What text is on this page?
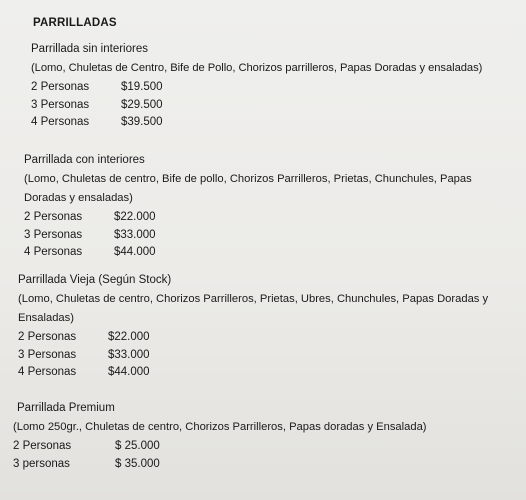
PARRILLADAS
Parrillada sin interiores
(Lomo, Chuletas de Centro, Bife de Pollo, Chorizos parrilleros, Papas Doradas y ensaladas)
2 Personas	$19.500
3 Personas	$29.500
4 Personas	$39.500
Parrillada con interiores
(Lomo, Chuletas de centro, Bife de pollo, Chorizos Parrilleros, Prietas, Chunchules, Papas Doradas y ensaladas)
2 Personas	$22.000
3 Personas	$33.000
4 Personas	$44.000
Parrillada Vieja (Según Stock)
(Lomo, Chuletas de centro, Chorizos Parrilleros, Prietas, Ubres, Chunchules, Papas Doradas y Ensaladas)
2 Personas	$22.000
3 Personas	$33.000
4 Personas	$44.000
Parrillada Premium
(Lomo 250gr., Chuletas de centro, Chorizos Parrilleros, Papas doradas y Ensalada)
2 Personas	$ 25.000
3 personas	$ 35.000
